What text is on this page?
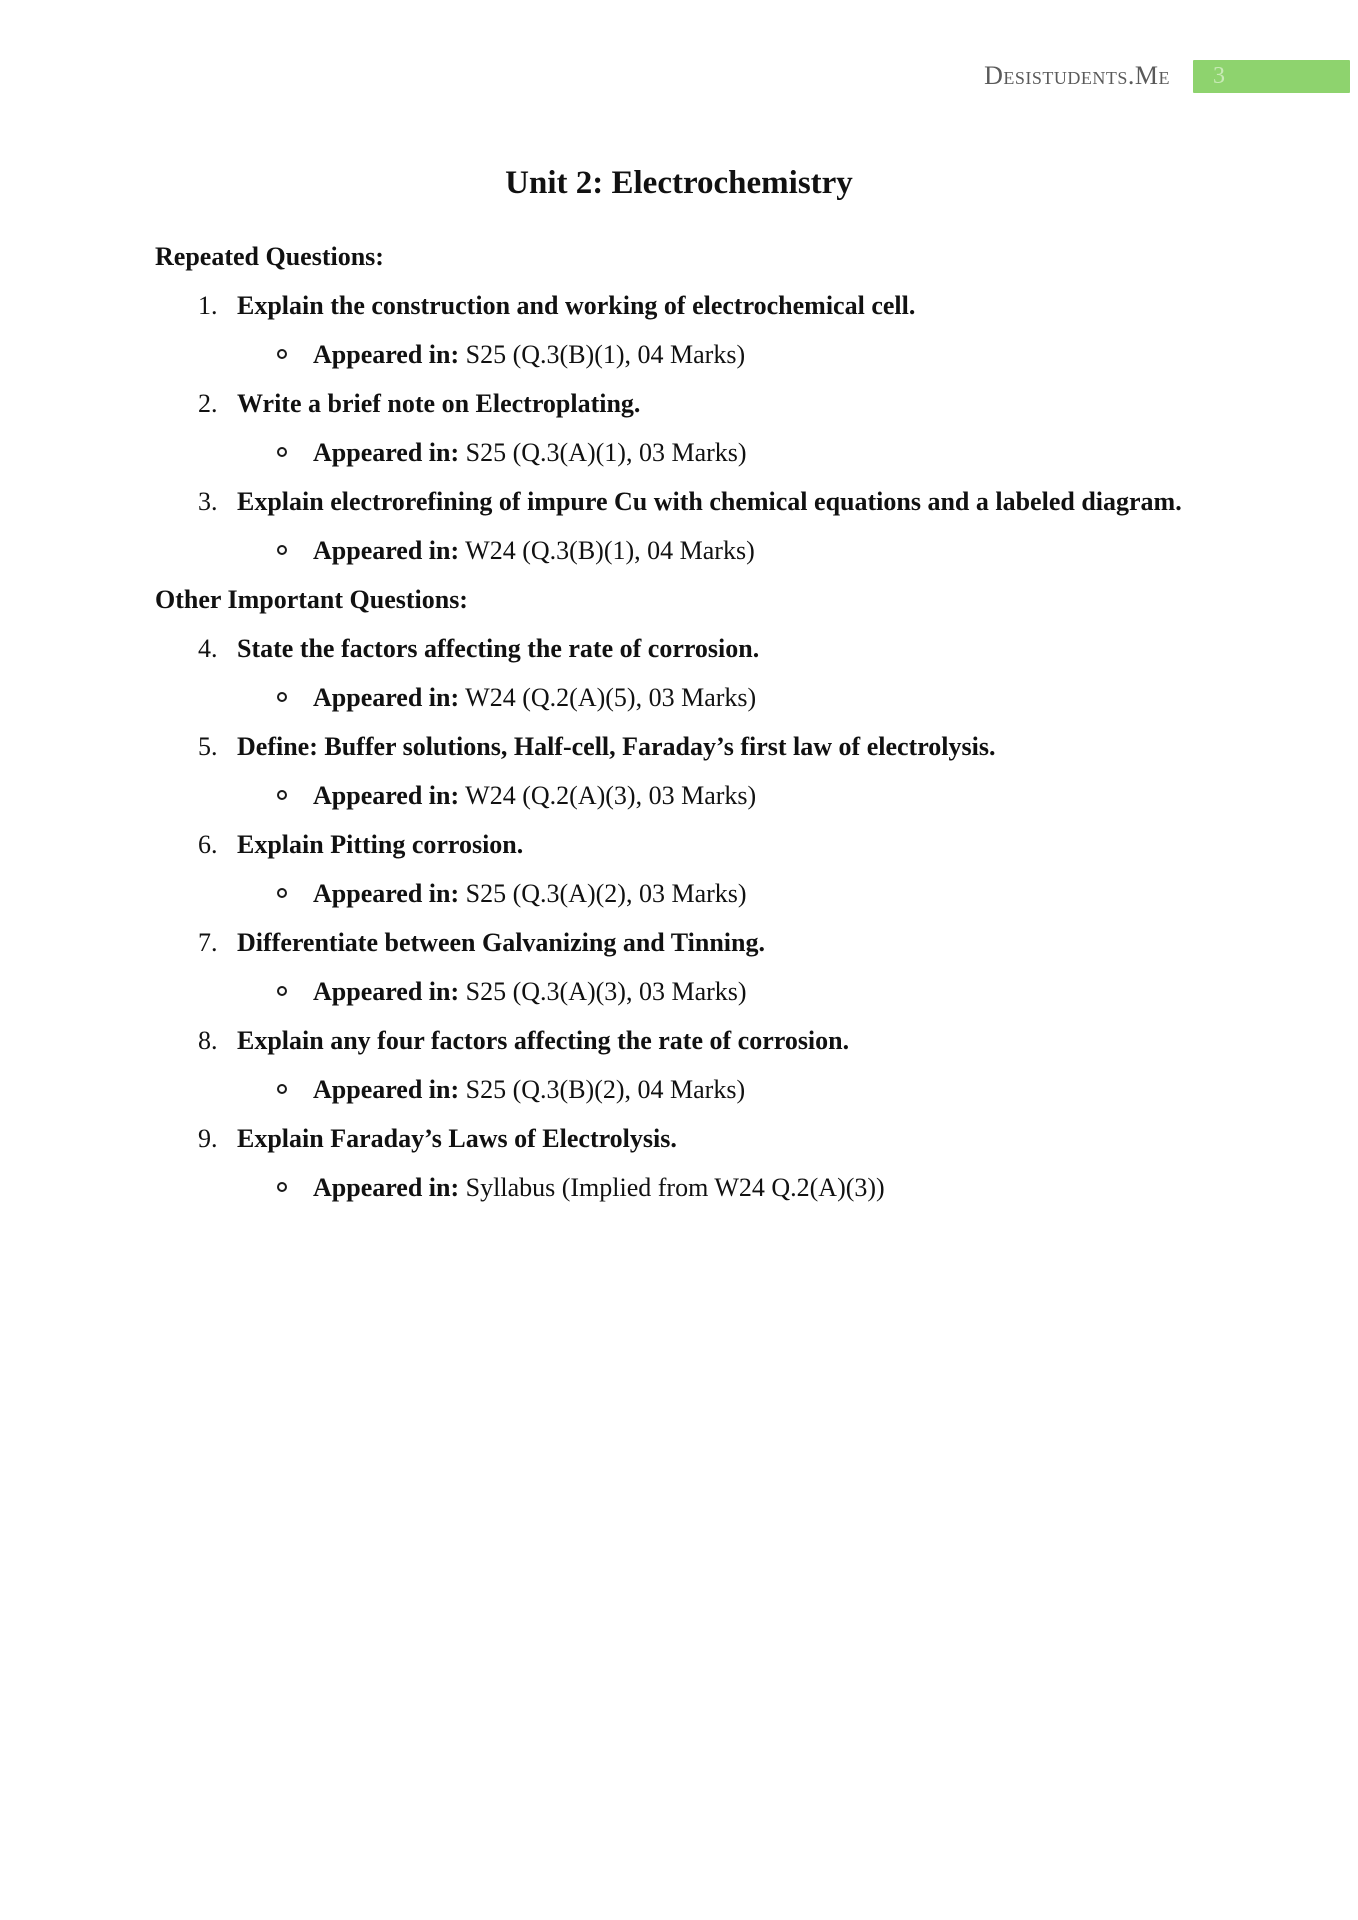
Desistudents.Me 3
Unit 2: Electrochemistry
Repeated Questions:
1. Explain the construction and working of electrochemical cell.
Appeared in: S25 (Q.3(B)(1), 04 Marks)
2. Write a brief note on Electroplating.
Appeared in: S25 (Q.3(A)(1), 03 Marks)
3. Explain electrorefining of impure Cu with chemical equations and a labeled diagram.
Appeared in: W24 (Q.3(B)(1), 04 Marks)
Other Important Questions:
4. State the factors affecting the rate of corrosion.
Appeared in: W24 (Q.2(A)(5), 03 Marks)
5. Define: Buffer solutions, Half-cell, Faraday’s first law of electrolysis.
Appeared in: W24 (Q.2(A)(3), 03 Marks)
6. Explain Pitting corrosion.
Appeared in: S25 (Q.3(A)(2), 03 Marks)
7. Differentiate between Galvanizing and Tinning.
Appeared in: S25 (Q.3(A)(3), 03 Marks)
8. Explain any four factors affecting the rate of corrosion.
Appeared in: S25 (Q.3(B)(2), 04 Marks)
9. Explain Faraday’s Laws of Electrolysis.
Appeared in: Syllabus (Implied from W24 Q.2(A)(3))
